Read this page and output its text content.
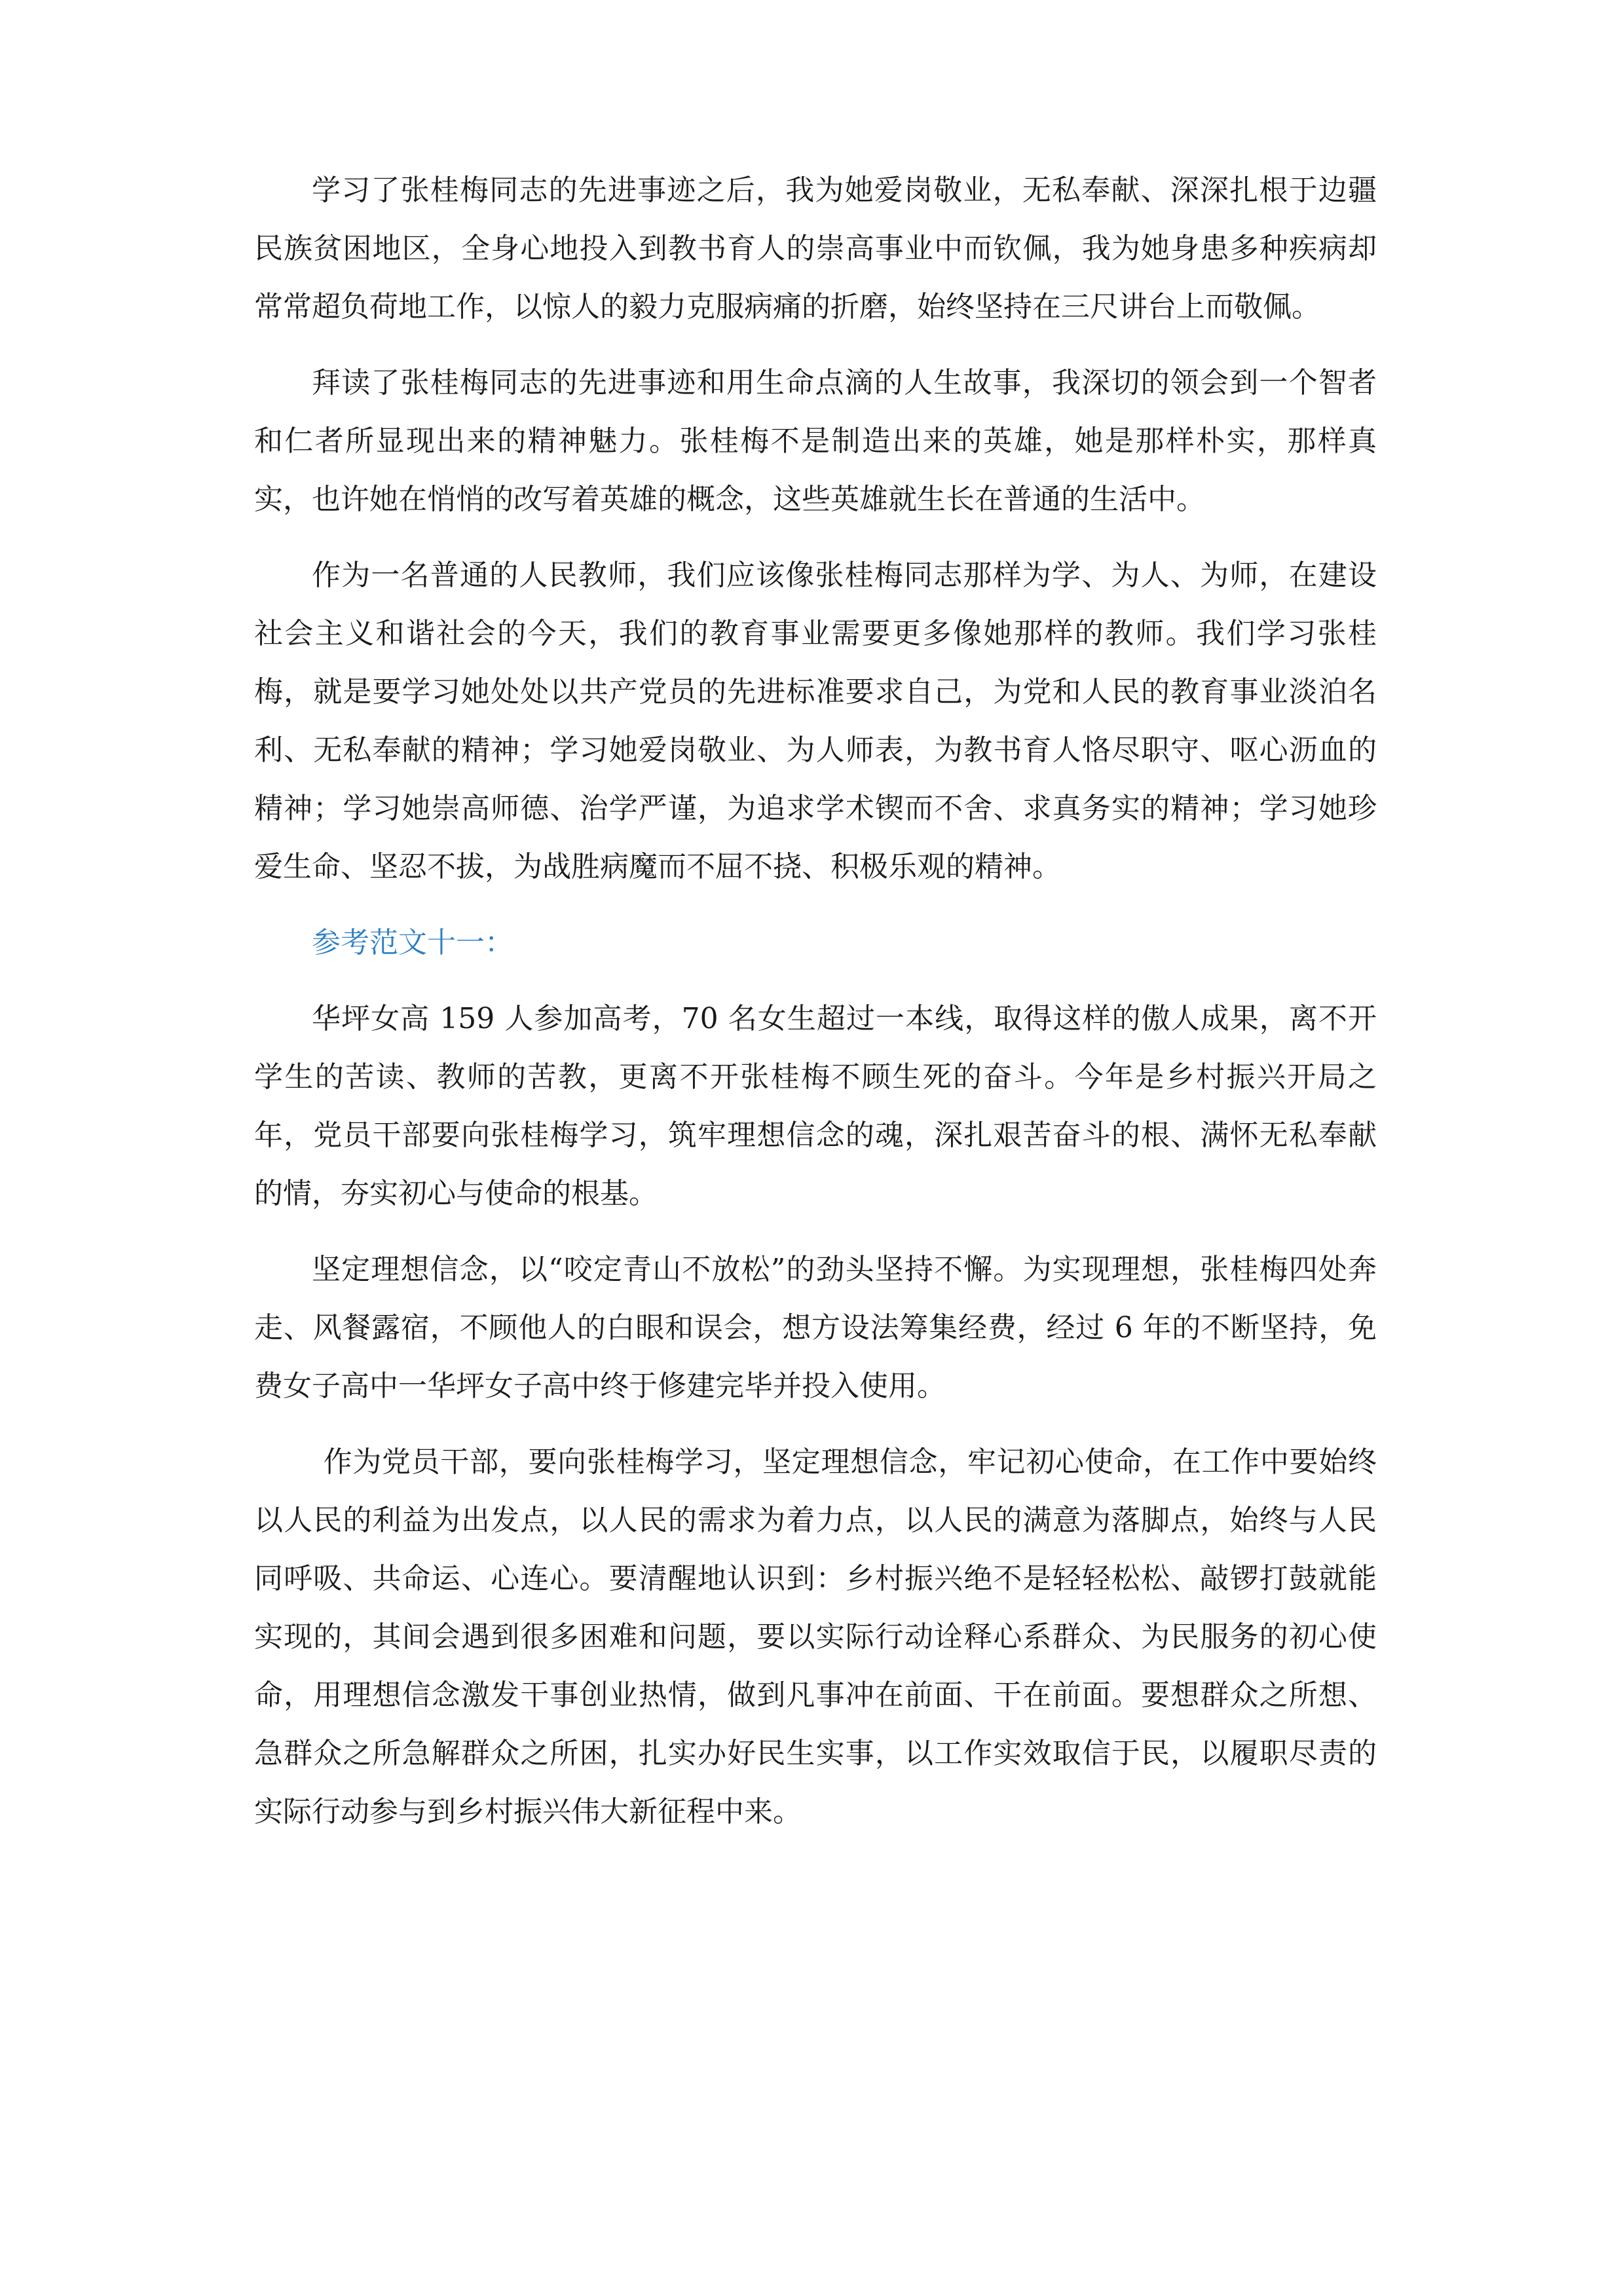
学习了张桂梅同志的先进事迹之后，我为她爱岗敬业，无私奉献、深深扎根于边疆民族贫困地区，全身心地投入到教书育人的崇高事业中而钦佩，我为她身患多种疾病却常常超负荷地工作，以惊人的毅力克服病痛的折磨，始终坚持在三尺讲台上而敬佩。

拜读了张桂梅同志的先进事迹和用生命点滴的人生故事，我深切的领会到一个智者和仁者所显现出来的精神魅力。张桂梅不是制造出来的英雄，她是那样朴实，那样真实，也许她在悄悄的改写着英雄的概念，这些英雄就生长在普通的生活中。

作为一名普通的人民教师，我们应该像张桂梅同志那样为学、为人、为师，在建设社会主义和谐社会的今天，我们的教育事业需要更多像她那样的教师。我们学习张桂梅，就是要学习她处处以共产党员的先进标准要求自己，为党和人民的教育事业淡泊名利、无私奉献的精神；学习她爱岗敬业、为人师表，为教书育人恪尽职守、呕心沥血的精神；学习她崇高师德、治学严谨，为追求学术锲而不舍、求真务实的精神；学习她珍爱生命、坚忍不拔，为战胜病魔而不屈不挠、积极乐观的精神。

参考范文十一：

华坪女高 159 人参加高考，70 名女生超过一本线，取得这样的傲人成果，离不开学生的苦读、教师的苦教，更离不开张桂梅不顾生死的奋斗。今年是乡村振兴开局之年，党员干部要向张桂梅学习，筑牢理想信念的魂，深扎艰苦奋斗的根、满怀无私奉献的情，夯实初心与使命的根基。

坚定理想信念，以“咬定青山不放松”的劲头坚持不懈。为实现理想，张桂梅四处奔走、风餐露宿，不顾他人的白眼和误会，想方设法筹集经费，经过 6 年的不断坚持，免费女子高中一华坪女子高中终于修建完毕并投入使用。

作为党员干部，要向张桂梅学习，坚定理想信念，牢记初心使命，在工作中要始终以人民的利益为出发点，以人民的需求为着力点，以人民的满意为落脚点，始终与人民同呼吸、共命运、心连心。要清醒地认识到：乡村振兴绝不是轻轻松松、敲锣打鼓就能实现的，其间会遇到很多困难和问题，要以实际行动诠释心系群众、为民服务的初心使命，用理想信念激发干事创业热情，做到凡事冲在前面、干在前面。要想群众之所想、急群众之所急解群众之所困，扎实办好民生实事，以工作实效取信于民，以履职尽责的实际行动参与到乡村振兴伟大新征程中来。
